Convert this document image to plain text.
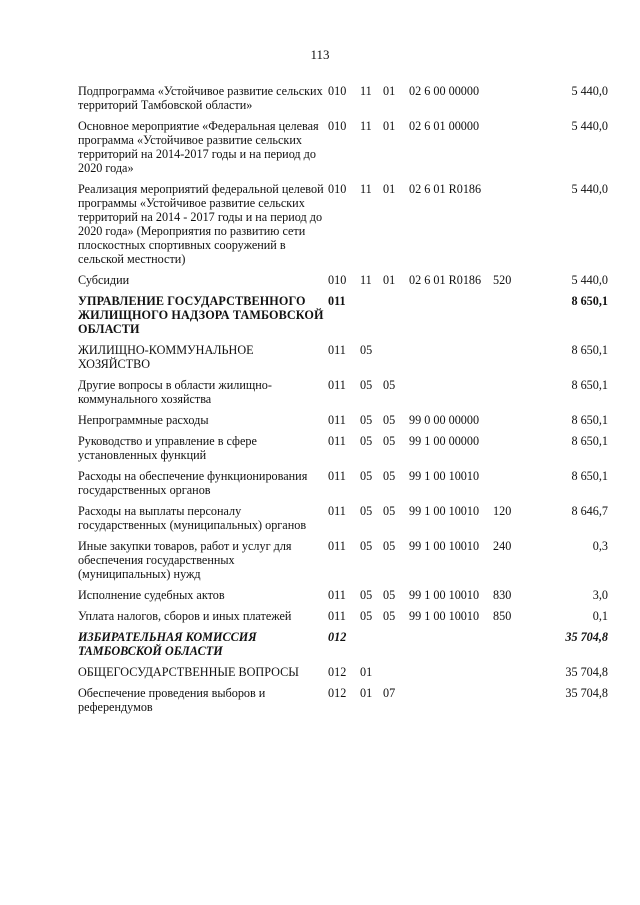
113
Подпрограмма «Устойчивое развитие сельских территорий Тамбовской области»	010	11	01	02 6 00 00000		5 440,0
Основное мероприятие «Федеральная целевая программа «Устойчивое развитие сельских территорий на 2014-2017 годы и на период до 2020 года»	010	11	01	02 6 01 00000		5 440,0
Реализация мероприятий федеральной целевой программы «Устойчивое развитие сельских территорий на 2014 - 2017 годы и на период до 2020 года» (Мероприятия по развитию сети плоскостных спортивных сооружений в сельской местности)	010	11	01	02 6 01 R0186		5 440,0
Субсидии	010	11	01	02 6 01 R0186	520	5 440,0
УПРАВЛЕНИЕ ГОСУДАРСТВЕННОГО ЖИЛИЩНОГО НАДЗОРА ТАМБОВСКОЙ ОБЛАСТИ	011					8 650,1
ЖИЛИЩНО-КОММУНАЛЬНОЕ ХОЗЯЙСТВО	011	05				8 650,1
Другие вопросы в области жилищно-коммунального хозяйства	011	05	05			8 650,1
Непрограммные расходы	011	05	05	99 0 00 00000		8 650,1
Руководство и управление в сфере установленных функций	011	05	05	99 1 00 00000		8 650,1
Расходы на обеспечение функционирования государственных органов	011	05	05	99 1 00 10010		8 650,1
Расходы на выплаты персоналу государственных (муниципальных) органов	011	05	05	99 1 00 10010	120	8 646,7
Иные закупки товаров, работ и услуг для обеспечения государственных (муниципальных) нужд	011	05	05	99 1 00 10010	240	0,3
Исполнение судебных актов	011	05	05	99 1 00 10010	830	3,0
Уплата налогов, сборов и иных платежей	011	05	05	99 1 00 10010	850	0,1
ИЗБИРАТЕЛЬНАЯ КОМИССИЯ ТАМБОВСКОЙ ОБЛАСТИ	012					35 704,8
ОБЩЕГОСУДАРСТВЕННЫЕ ВОПРОСЫ	012	01				35 704,8
Обеспечение проведения выборов и референдумов	012	01	07			35 704,8
